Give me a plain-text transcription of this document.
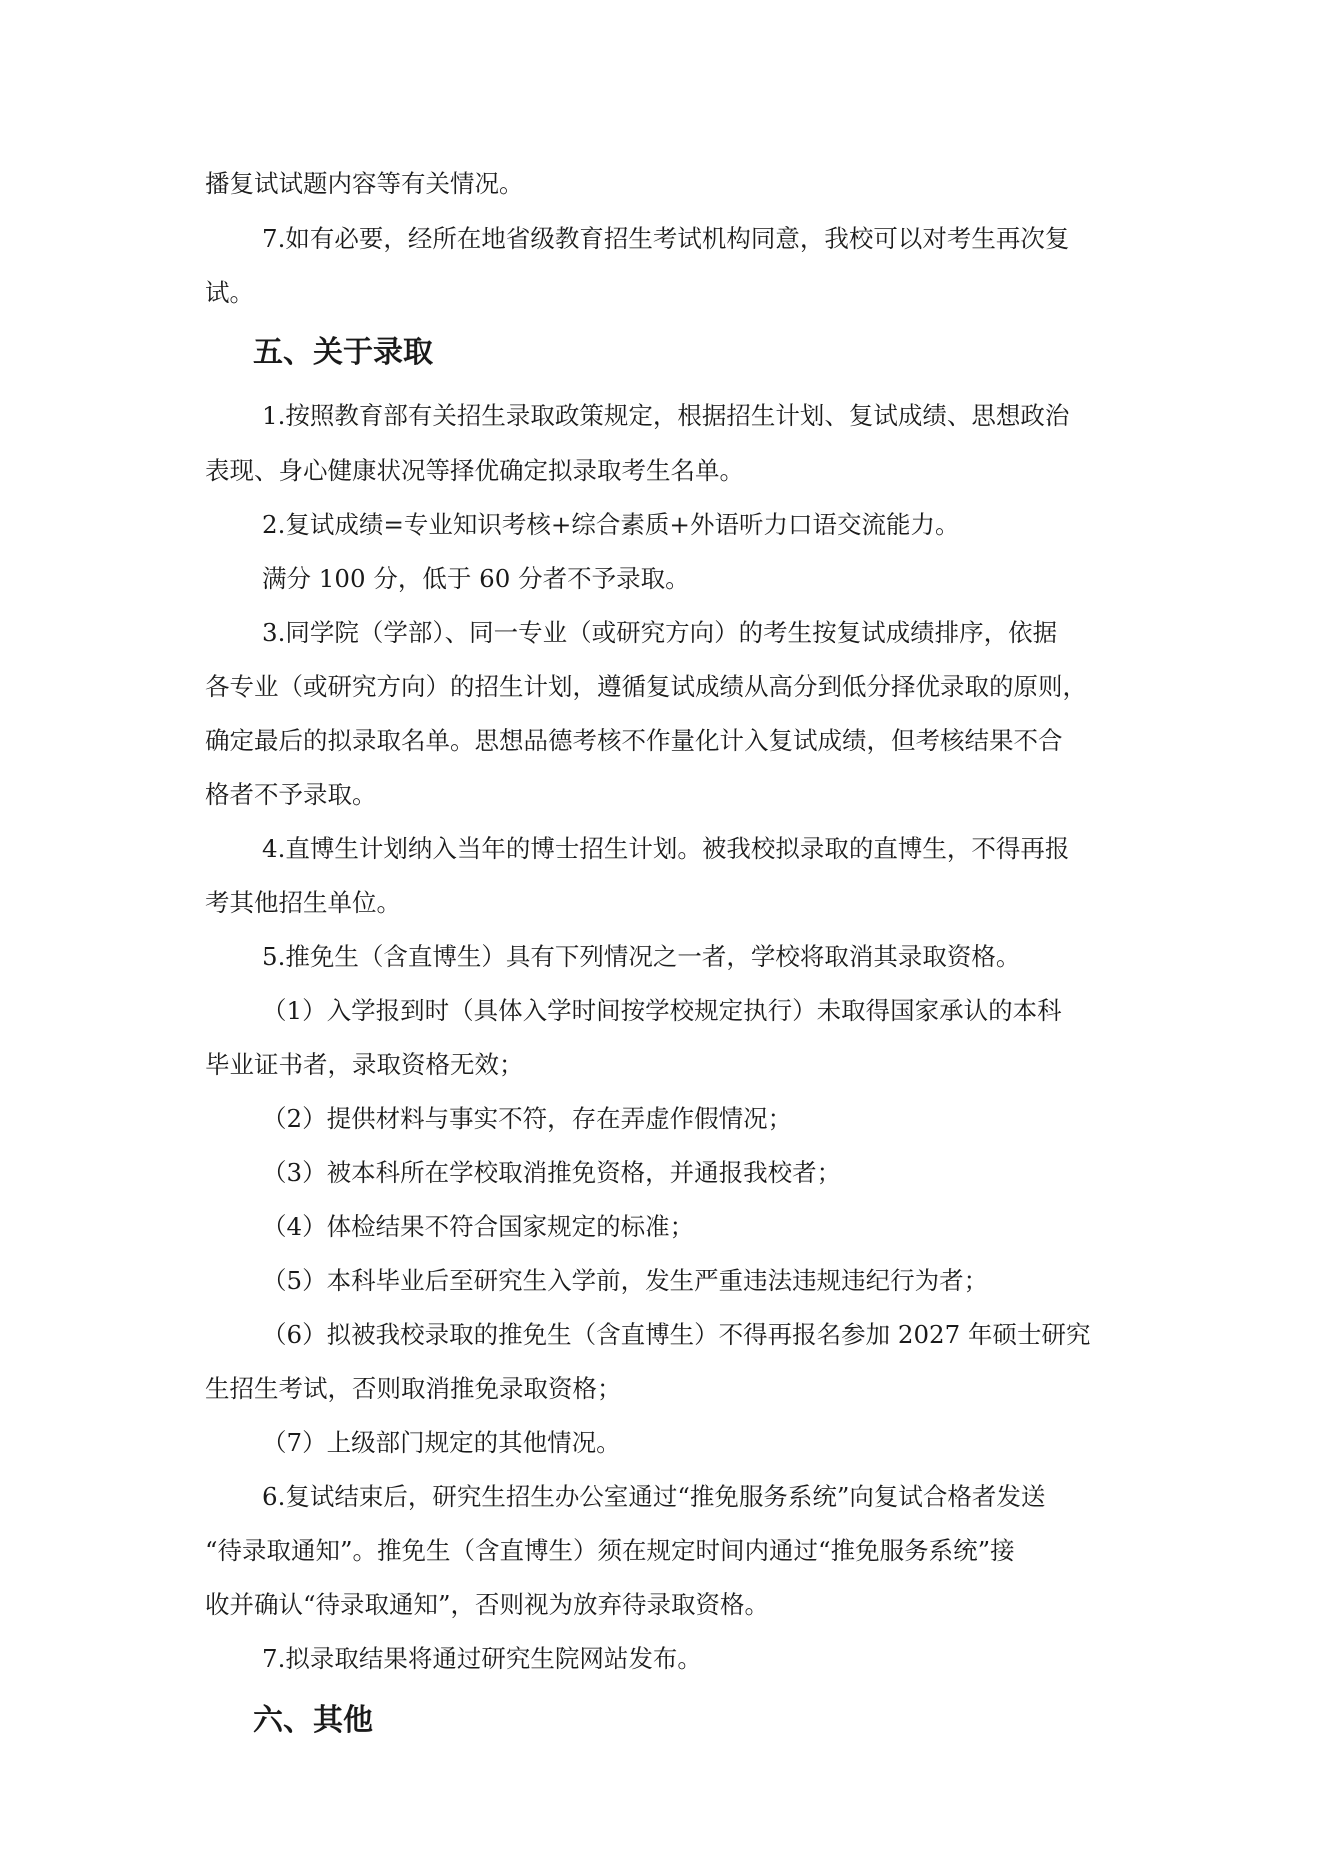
播复试试题内容等有关情况。
7.如有必要，经所在地省级教育招生考试机构同意，我校可以对考生再次复
试。
五、关于录取
1.按照教育部有关招生录取政策规定，根据招生计划、复试成绩、思想政治
表现、身心健康状况等择优确定拟录取考生名单。
2.复试成绩=专业知识考核+综合素质+外语听力口语交流能力。
满分 100 分，低于 60 分者不予录取。
3.同学院（学部）、同一专业（或研究方向）的考生按复试成绩排序，依据
各专业（或研究方向）的招生计划，遵循复试成绩从高分到低分择优录取的原则，
确定最后的拟录取名单。思想品德考核不作量化计入复试成绩，但考核结果不合
格者不予录取。
4.直博生计划纳入当年的博士招生计划。被我校拟录取的直博生，不得再报
考其他招生单位。
5.推免生（含直博生）具有下列情况之一者，学校将取消其录取资格。
（1）入学报到时（具体入学时间按学校规定执行）未取得国家承认的本科
毕业证书者，录取资格无效；
（2）提供材料与事实不符，存在弄虚作假情况；
（3）被本科所在学校取消推免资格，并通报我校者；
（4）体检结果不符合国家规定的标准；
（5）本科毕业后至研究生入学前，发生严重违法违规违纪行为者；
（6）拟被我校录取的推免生（含直博生）不得再报名参加 2027 年硕士研究
生招生考试，否则取消推免录取资格；
（7）上级部门规定的其他情况。
6.复试结束后，研究生招生办公室通过“推免服务系统”向复试合格者发送
“待录取通知”。推免生（含直博生）须在规定时间内通过“推免服务系统”接
收并确认“待录取通知”，否则视为放弃待录取资格。
7.拟录取结果将通过研究生院网站发布。
六、其他
